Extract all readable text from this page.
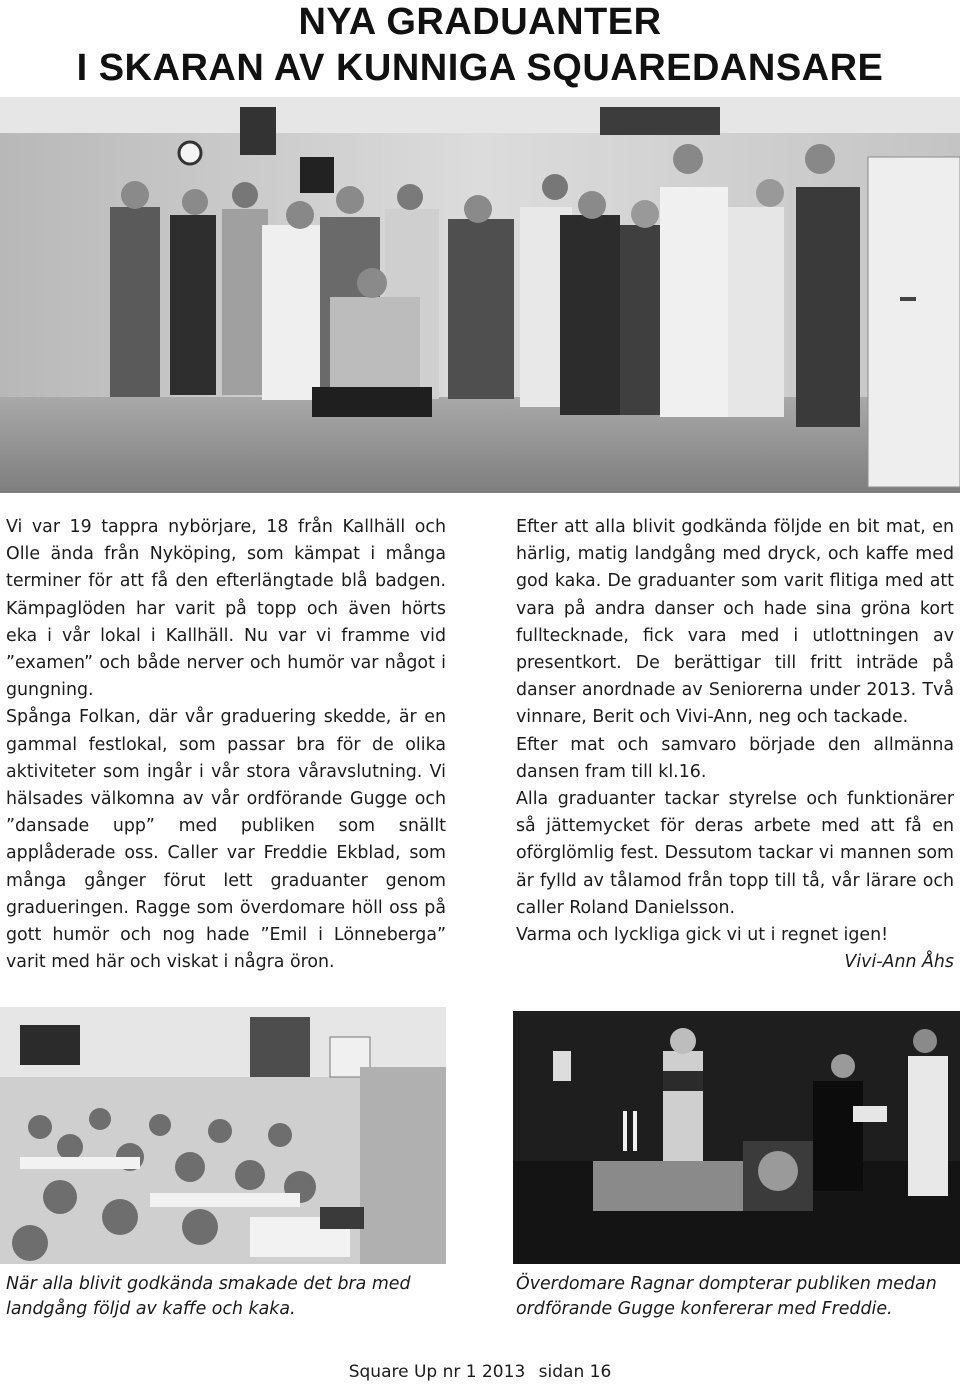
NYA GRADUANTER
I SKARAN AV KUNNIGA SQUAREDANSARE

Vi var 19 tappra nybörjare, 18 från Kallhäll och Olle ända från Nyköping, som kämpat i många terminer för att få den efterlängtade blå badgen. Kämpaglöden har varit på topp och även hörts eka i vår lokal i Kallhäll. Nu var vi framme vid ”examen” och både nerver och humör var något i gungning.

Spånga Folkan, där vår graduering skedde, är en gammal festlokal, som passar bra för de olika aktiviteter som ingår i vår stora våravslutning. Vi hälsades välkomna av vår ordförande Gugge och ”dansade upp” med publiken som snällt applåderade oss. Caller var Freddie Ekblad, som många gånger förut lett graduanter genom gradueringen. Ragge som överdomare höll oss på gott humör och nog hade ”Emil i Lönneberga” varit med här och viskat i några öron.

Efter att alla blivit godkända följde en bit mat, en härlig, matig landgång med dryck, och kaffe med god kaka. De graduanter som varit flitiga med att vara på andra danser och hade sina gröna kort fulltecknade, fick vara med i utlottningen av presentkort. De berättigar till fritt inträde på danser anordnade av Seniorerna under 2013. Två vinnare, Berit och Vivi-Ann, neg och tackade.

Efter mat och samvaro började den allmänna dansen fram till kl.16.

Alla graduanter tackar styrelse och funktionärer så jättemycket för deras arbete med att få en oförglömlig fest. Dessutom tackar vi mannen som är fylld av tålamod från topp till tå, vår lärare och caller Roland Danielsson.

Varma och lyckliga gick vi ut i regnet igen!

Vivi-Ann Åhs

När alla blivit godkända smakade det bra med landgång följd av kaffe och kaka.

Överdomare Ragnar dompterar publiken medan ordförande Gugge konfererar med Freddie.

Square Up nr 1 2013 sidan 16
